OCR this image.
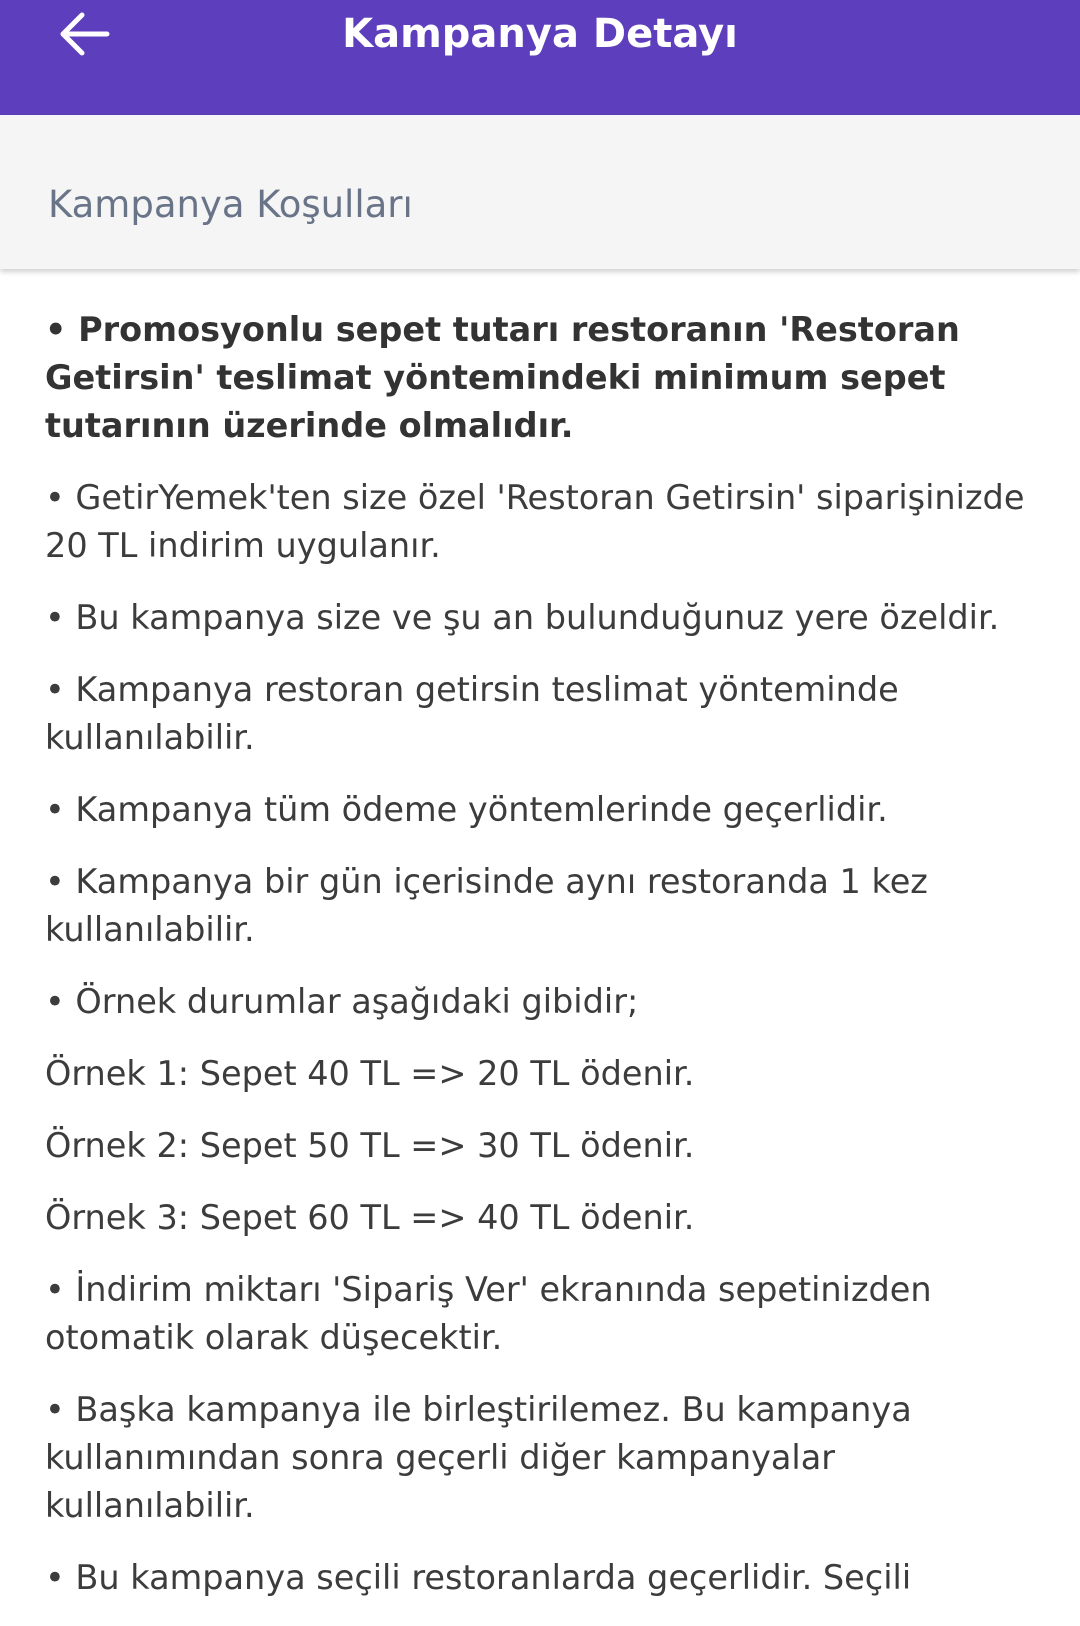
Kampanya Detayı
Kampanya Koşulları

• Promosyonlu sepet tutarı restoranın 'Restoran Getirsin' teslimat yöntemindeki minimum sepet tutarının üzerinde olmalıdır.

• GetirYemek'ten size özel 'Restoran Getirsin' siparişinizde 20 TL indirim uygulanır.

• Bu kampanya size ve şu an bulunduğunuz yere özeldir.

• Kampanya restoran getirsin teslimat yönteminde kullanılabilir.

• Kampanya tüm ödeme yöntemlerinde geçerlidir.

• Kampanya bir gün içerisinde aynı restoranda 1 kez kullanılabilir.

• Örnek durumlar aşağıdaki gibidir;

Örnek 1: Sepet 40 TL => 20 TL ödenir.

Örnek 2: Sepet 50 TL => 30 TL ödenir.

Örnek 3: Sepet 60 TL => 40 TL ödenir.

• İndirim miktarı 'Sipariş Ver' ekranında sepetinizden otomatik olarak düşecektir.

• Başka kampanya ile birleştirilemez. Bu kampanya kullanımından sonra geçerli diğer kampanyalar kullanılabilir.

• Bu kampanya seçili restoranlarda geçerlidir. Seçili
